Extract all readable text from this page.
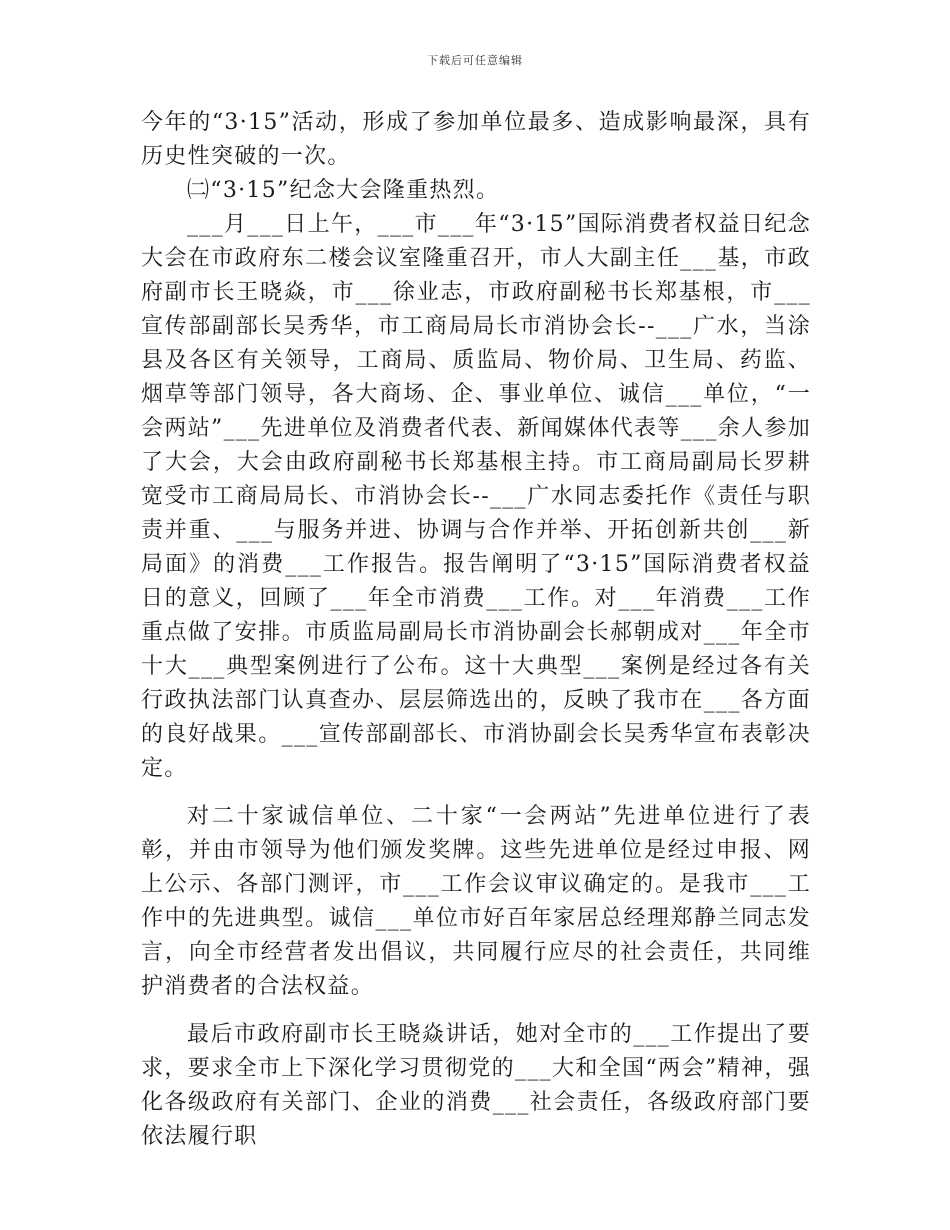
下载后可任意编辑

今年的“3·15”活动，形成了参加单位最多、造成影响最深，具有历史性突破的一次。

㈡“3·15”纪念大会隆重热烈。

___月___日上午，___市___年“3·15”国际消费者权益日纪念大会在市政府东二楼会议室隆重召开，市人大副主任___基，市政府副市长王晓焱，市___徐业志，市政府副秘书长郑基根，市___宣传部副部长吴秀华，市工商局局长市消协会长--___广水，当涂县及各区有关领导，工商局、质监局、物价局、卫生局、药监、烟草等部门领导，各大商场、企、事业单位、诚信___单位，“一会两站”___先进单位及消费者代表、新闻媒体代表等___余人参加了大会，大会由政府副秘书长郑基根主持。市工商局副局长罗耕宽受市工商局局长、市消协会长--___广水同志委托作《责任与职责并重、___与服务并进、协调与合作并举、开拓创新共创___新局面》的消费___工作报告。报告阐明了“3·15”国际消费者权益日的意义，回顾了___年全市消费___工作。对___年消费___工作重点做了安排。市质监局副局长市消协副会长郝朝成对___年全市十大___典型案例进行了公布。这十大典型___案例是经过各有关行政执法部门认真查办、层层筛选出的，反映了我市在___各方面的良好战果。___宣传部副部长、市消协副会长吴秀华宣布表彰决定。

对二十家诚信单位、二十家“一会两站”先进单位进行了表彰，并由市领导为他们颁发奖牌。这些先进单位是经过申报、网上公示、各部门测评，市___工作会议审议确定的。是我市___工作中的先进典型。诚信___单位市好百年家居总经理郑静兰同志发言，向全市经营者发出倡议，共同履行应尽的社会责任，共同维护消费者的合法权益。

最后市政府副市长王晓焱讲话，她对全市的___工作提出了要求，要求全市上下深化学习贯彻党的___大和全国“两会”精神，强化各级政府有关部门、企业的消费___社会责任，各级政府部门要依法履行职
